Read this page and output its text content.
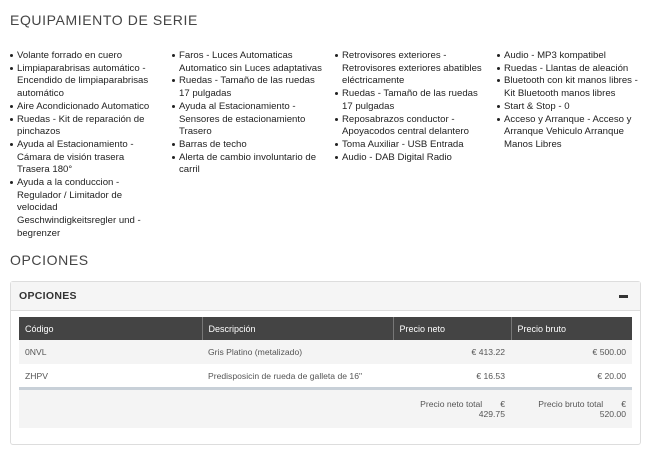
EQUIPAMIENTO DE SERIE
Volante forrado en cuero
Limpiaparabrisas automático - Encendido de limpiaparabrisas automático
Aire Acondicionado Automatico
Ruedas - Kit de reparación de pinchazos
Ayuda al Estacionamiento - Cámara de visión trasera Trasera 180°
Ayuda a la conduccion - Regulador / Limitador de velocidad Geschwindigkeitsregler und -begrenzer
Faros - Luces Automaticas Automatico sin Luces adaptativas
Ruedas - Tamaño de las ruedas 17 pulgadas
Ayuda al Estacionamiento - Sensores de estacionamiento Trasero
Barras de techo
Alerta de cambio involuntario de carril
Retrovisores exteriores - Retrovisores exteriores abatibles eléctricamente
Ruedas - Tamaño de las ruedas 17 pulgadas
Reposabrazos conductor - Apoyacodos central delantero
Toma Auxiliar - USB Entrada
Audio - DAB Digital Radio
Audio - MP3 kompatibel
Ruedas - Llantas de aleación
Bluetooth con kit manos libres - Kit Bluetooth manos libres
Start & Stop - 0
Acceso y Arranque - Acceso y Arranque Vehiculo Arranque Manos Libres
OPCIONES
OPCIONES
Código	Descripción	Precio neto	Precio bruto
0NVL	Gris Platino (metalizado)	€ 413.22	€ 500.00
ZHPV	Predisposicin de rueda de galleta de 16"	€ 16.53	€ 20.00
		Precio neto total € 429.75	Precio bruto total € 520.00
